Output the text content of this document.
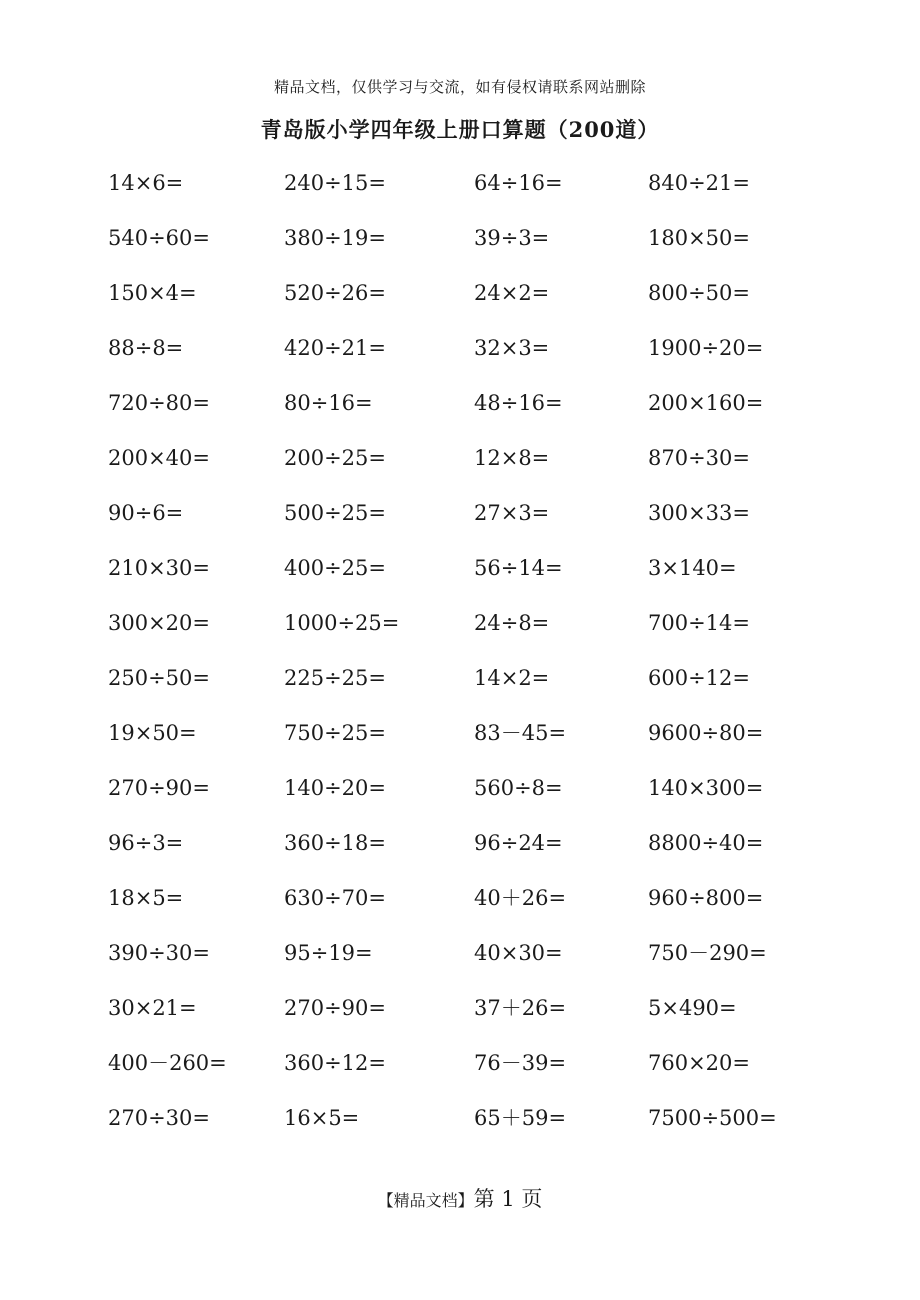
精品文档，仅供学习与交流，如有侵权请联系网站删除
青岛版小学四年级上册口算题（200道）
14×6=	240÷15=	64÷16=	840÷21=
540÷60=	380÷19=	39÷3=	180×50=
150×4=	520÷26=	24×2=	800÷50=
88÷8=	420÷21=	32×3=	1900÷20=
720÷80=	80÷16=	48÷16=	200×160=
200×40=	200÷25=	12×8=	870÷30=
90÷6=	500÷25=	27×3=	300×33=
210×30=	400÷25=	56÷14=	3×140=
300×20=	1000÷25=	24÷8=	700÷14=
250÷50=	225÷25=	14×2=	600÷12=
19×50=	750÷25=	83－45=	9600÷80=
270÷90=	140÷20=	560÷8=	140×300=
96÷3=	360÷18=	96÷24=	8800÷40=
18×5=	630÷70=	40＋26=	960÷800=
390÷30=	95÷19=	40×30=	750－290=
30×21=	270÷90=	37＋26=	5×490=
400－260=	360÷12=	76－39=	760×20=
270÷30=	16×5=	65＋59=	7500÷500=
【精品文档】第 1 页
